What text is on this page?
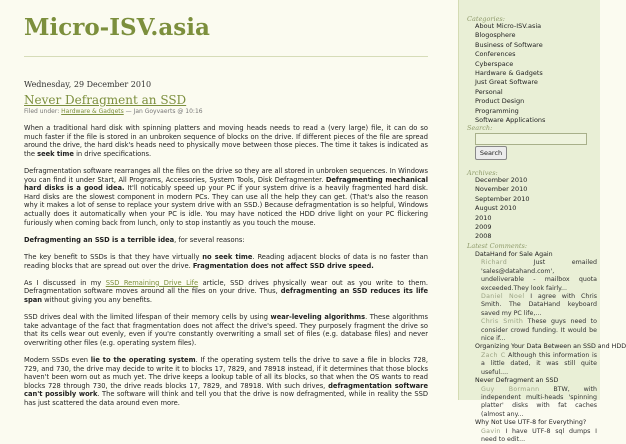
Micro-ISV.asia
Wednesday, 29 December 2010
Never Defragment an SSD
Filed under: Hardware & Gadgets — Jan Goyvaerts @ 10:16

When a traditional hard disk with spinning platters and moving heads needs to read a (very large) file, it can do so much faster if the file is stored in an unbroken sequence of blocks on the drive. If different pieces of the file are spread around the drive, the hard disk's heads need to physically move between those pieces. The time it takes is indicated as the seek time in drive specifications.

Defragmentation software rearranges all the files on the drive so they are all stored in unbroken sequences. In Windows you can find it under Start, All Programs, Accessories, System Tools, Disk Defragmenter. Defragmenting mechanical hard disks is a good idea. It'll noticably speed up your PC if your system drive is a heavily fragmented hard disk. Hard disks are the slowest component in modern PCs. They can use all the help they can get. (That's also the reason why it makes a lot of sense to replace your system drive with an SSD.) Because defragmentation is so helpful, Windows actually does it automatically when your PC is idle. You may have noticed the HDD drive light on your PC flickering furiously when coming back from lunch, only to stop instantly as you touch the mouse.

Defragmenting an SSD is a terrible idea, for several reasons:

The key benefit to SSDs is that they have virtually no seek time. Reading adjacent blocks of data is no faster than reading blocks that are spread out over the drive. Fragmentation does not affect SSD drive speed.

As I discussed in my SSD Remaining Drive Life article, SSD drives physically wear out as you write to them. Defragmentation software moves around all the files on your drive. Thus, defragmenting an SSD reduces its life span without giving you any benefits.

SSD drives deal with the limited lifespan of their memory cells by using wear-leveling algorithms. These algorithms take advantage of the fact that fragmentation does not affect the drive's speed. They purposely fragment the drive so that its cells wear out evenly, even if you're constantly overwriting a small set of files (e.g. database files) and never overwriting other files (e.g. operating system files).

Modern SSDs even lie to the operating system. If the operating system tells the drive to save a file in blocks 728, 729, and 730, the drive may decide to write it to blocks 17, 7829, and 78918 instead, if it determines that those blocks haven't been worn out as much yet. The drive keeps a lookup table of all its blocks, so that when the OS wants to read blocks 728 through 730, the drive reads blocks 17, 7829, and 78918. With such drives, defragmentation software can't possibly work. The software will think and tell you that the drive is now defragmented, while in reality the SSD has just scattered the data around even more.

Categories:
About Micro-ISV.asia
Blogosphere
Business of Software
Conferences
Cyberspace
Hardware & Gadgets
Just Great Software
Personal
Product Design
Programming
Software Applications
Search:
Search
Archives:
December 2010
November 2010
September 2010
August 2010
2010
2009
2008
Latest Comments:
DataHand for Sale Again
Richard Just emailed 'sales@datahand.com', undeliverable - mailbox quota exceeded.They look fairly...
Daniel Noel I agree with Chris Smith. The DataHand keyboard saved my PC life,...
Chris Smith These guys need to consider crowd funding. It would be nice if...
Organizing Your Data Between an SSD and HDD
Zach C Although this information is a little dated, it was still quite useful....
Never Defragment an SSD
Guy Bormann BTW, with independent multi-heads 'spinning platter' disks with fat caches (almost any...
Why Not Use UTF-8 for Everything?
Gavin I have UTF-8 sql dumps I need to edit...
